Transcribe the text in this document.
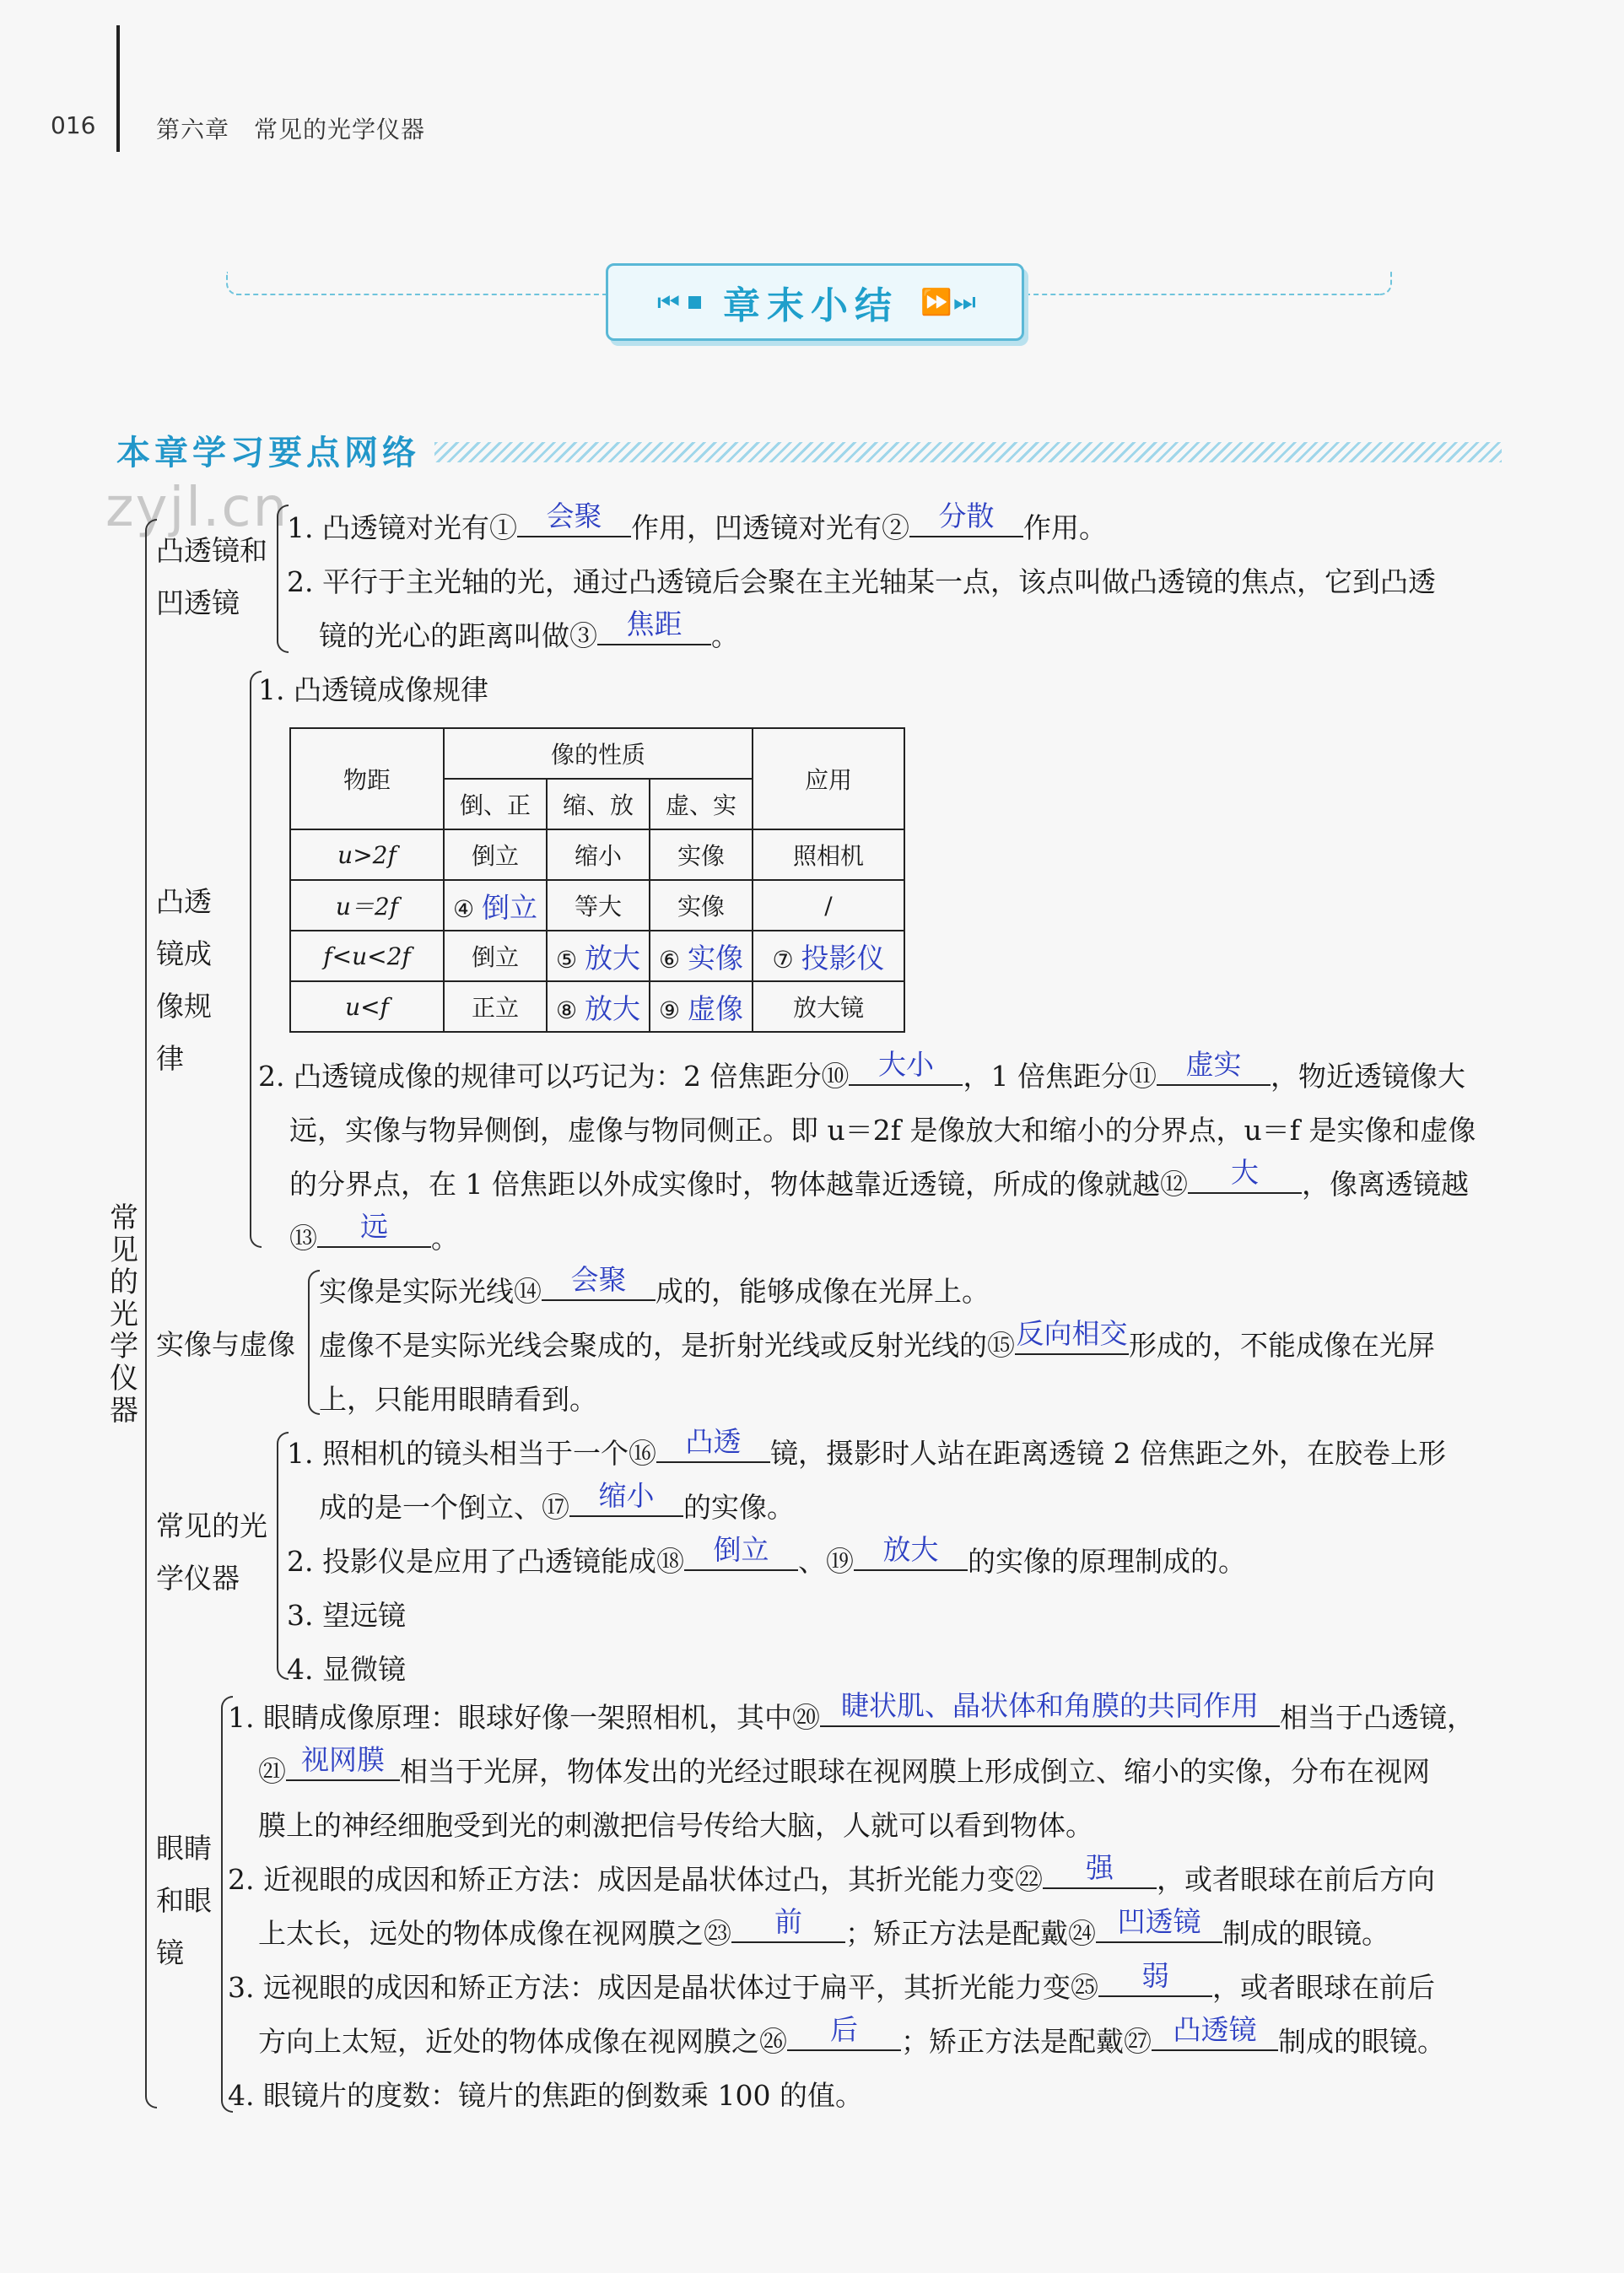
016	第六章　常见的光学仪器
⏮ 章末小结 ⏩ ⏭
本章学习要点网络
zyjl.cn
常见的光学仪器
凸透镜和凹透镜
1. 凸透镜对光有①	会聚	作用，凹透镜对光有②	分散	作用。
2. 平行于主光轴的光，通过凸透镜后会聚在主光轴某一点，该点叫做凸透镜的焦点，它到凸透
镜的光心的距离叫做③	焦距	。
凸透镜成像规律
1. 凸透镜成像规律
物距	像的性质			应用
	倒、正	缩、放	虚、实	
u>2f	倒立	缩小	实像	照相机
u＝2f	④ 倒立	等大	实像	/
f<u<2f	倒立	⑤ 放大	⑥ 实像	⑦ 投影仪
u<f	正立	⑧ 放大	⑨ 虚像	放大镜
2. 凸透镜成像的规律可以巧记为：2 倍焦距分⑩	大小	，1 倍焦距分⑪	虚实	，物近透镜像大
远，实像与物异侧倒，虚像与物同侧正。即 u＝2f 是像放大和缩小的分界点，u＝f 是实像和虚像
的分界点，在 1 倍焦距以外成实像时，物体越靠近透镜，所成的像就越⑫	大	，像离透镜越
⑬	远	。
实像与虚像
实像是实际光线⑭	会聚	成的，能够成像在光屏上。
虚像不是实际光线会聚成的，是折射光线或反射光线的⑮ 反向相交 形成的，不能成像在光屏
上，只能用眼睛看到。
常见的光学仪器
1. 照相机的镜头相当于一个⑯	凸透	镜，摄影时人站在距离透镜 2 倍焦距之外，在胶卷上形
成的是一个倒立、⑰	缩小	的实像。
2. 投影仪是应用了凸透镜能成⑱	倒立	、⑲	放大	的实像的原理制成的。
3. 望远镜
4. 显微镜
眼睛和眼镜
1. 眼睛成像原理：眼球好像一架照相机，其中⑳ 睫状肌、晶状体和角膜的共同作用 相当于凸透镜，
㉑ 视网膜 相当于光屏，物体发出的光经过眼球在视网膜上形成倒立、缩小的实像，分布在视网
膜上的神经细胞受到光的刺激把信号传给大脑，人就可以看到物体。
2. 近视眼的成因和矫正方法：成因是晶状体过凸，其折光能力变㉒	强	，或者眼球在前后方向
上太长，远处的物体成像在视网膜之㉓	前	；矫正方法是配戴㉔ 凹透镜 制成的眼镜。
3. 远视眼的成因和矫正方法：成因是晶状体过于扁平，其折光能力变㉕	弱	，或者眼球在前后
方向上太短，近处的物体成像在视网膜之㉖	后	；矫正方法是配戴㉗ 凸透镜 制成的眼镜。
4. 眼镜片的度数：镜片的焦距的倒数乘 100 的值。
